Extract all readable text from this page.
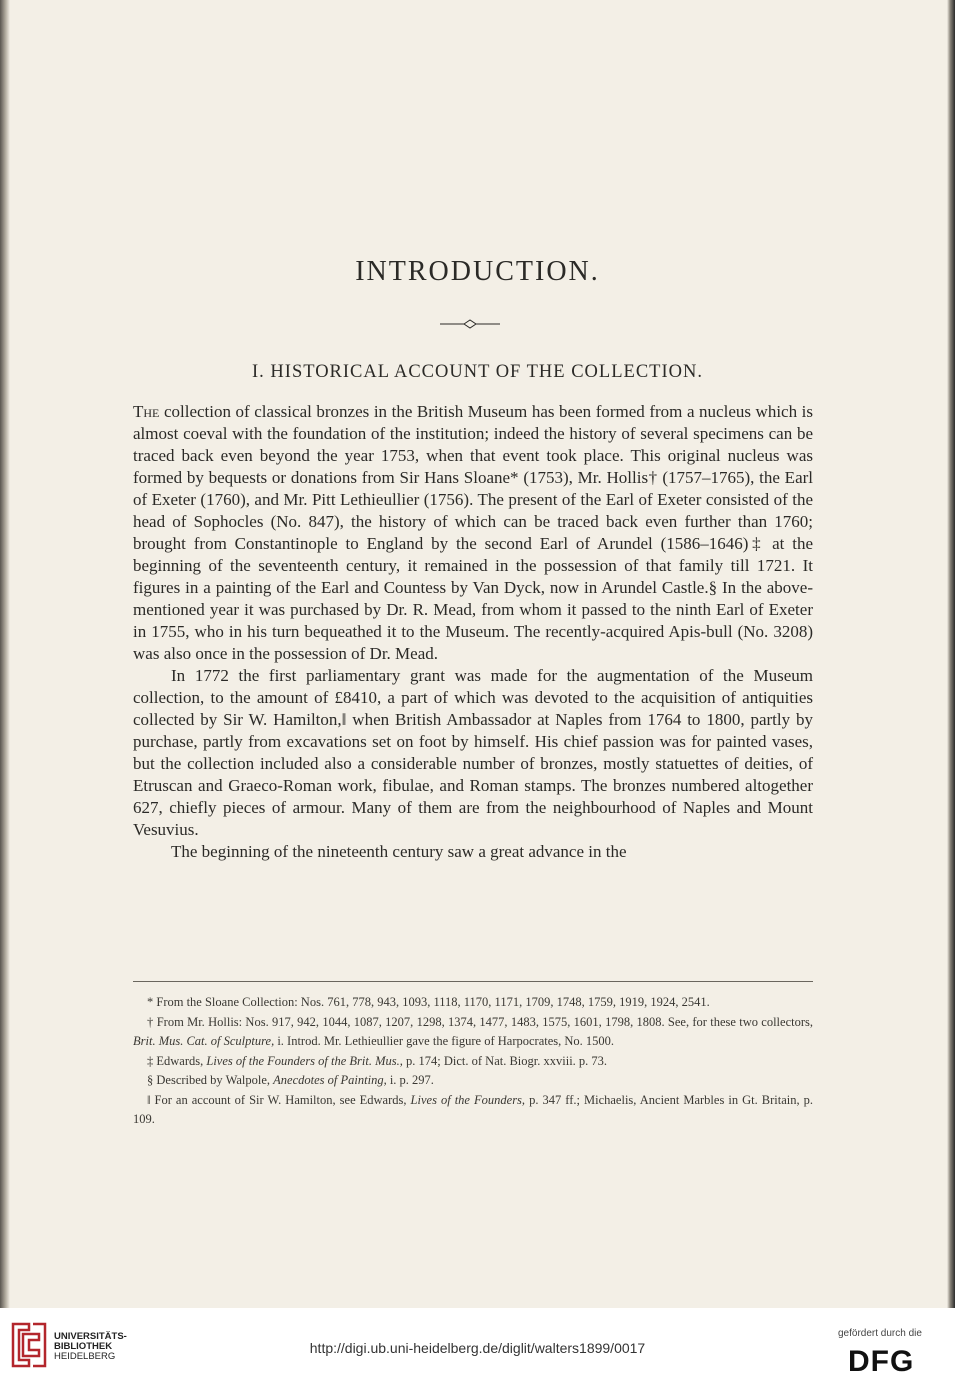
INTRODUCTION.
I. HISTORICAL ACCOUNT OF THE COLLECTION.

The collection of classical bronzes in the British Museum has been formed from a nucleus which is almost coeval with the foundation of the institution; indeed the history of several specimens can be traced back even beyond the year 1753, when that event took place. This original nucleus was formed by bequests or donations from Sir Hans Sloane* (1753), Mr. Hollis† (1757–1765), the Earl of Exeter (1760), and Mr. Pitt Lethieullier (1756). The present of the Earl of Exeter consisted of the head of Sophocles (No. 847), the history of which can be traced back even further than 1760; brought from Constantinople to England by the second Earl of Arundel (1586–1646)‡ at the beginning of the seventeenth century, it remained in the possession of that family till 1721. It figures in a painting of the Earl and Countess by Van Dyck, now in Arundel Castle.§ In the above-mentioned year it was purchased by Dr. R. Mead, from whom it passed to the ninth Earl of Exeter in 1755, who in his turn bequeathed it to the Museum. The recently-acquired Apis-bull (No. 3208) was also once in the possession of Dr. Mead.

In 1772 the first parliamentary grant was made for the augmentation of the Museum collection, to the amount of £8410, a part of which was devoted to the acquisition of antiquities collected by Sir W. Hamilton,‖ when British Ambassador at Naples from 1764 to 1800, partly by purchase, partly from excavations set on foot by himself. His chief passion was for painted vases, but the collection included also a considerable number of bronzes, mostly statuettes of deities, of Etruscan and Graeco-Roman work, fibulae, and Roman stamps. The bronzes numbered altogether 627, chiefly pieces of armour. Many of them are from the neighbourhood of Naples and Mount Vesuvius.

The beginning of the nineteenth century saw a great advance in the

* From the Sloane Collection: Nos. 761, 778, 943, 1093, 1118, 1170, 1171, 1709, 1748, 1759, 1919, 1924, 2541.

† From Mr. Hollis: Nos. 917, 942, 1044, 1087, 1207, 1298, 1374, 1477, 1483, 1575, 1601, 1798, 1808. See, for these two collectors, Brit. Mus. Cat. of Sculpture, i. Introd. Mr. Lethieullier gave the figure of Harpocrates, No. 1500.

‡ Edwards, Lives of the Founders of the Brit. Mus., p. 174; Dict. of Nat. Biogr. xxviii. p. 73.

§ Described by Walpole, Anecdotes of Painting, i. p. 297.

‖ For an account of Sir W. Hamilton, see Edwards, Lives of the Founders, p. 347 ff.; Michaelis, Ancient Marbles in Gt. Britain, p. 109.

UNIVERSITÄTS-
BIBLIOTHEK
HEIDELBERG
http://digi.ub.uni-heidelberg.de/diglit/walters1899/0017
gefördert durch die
DFG
